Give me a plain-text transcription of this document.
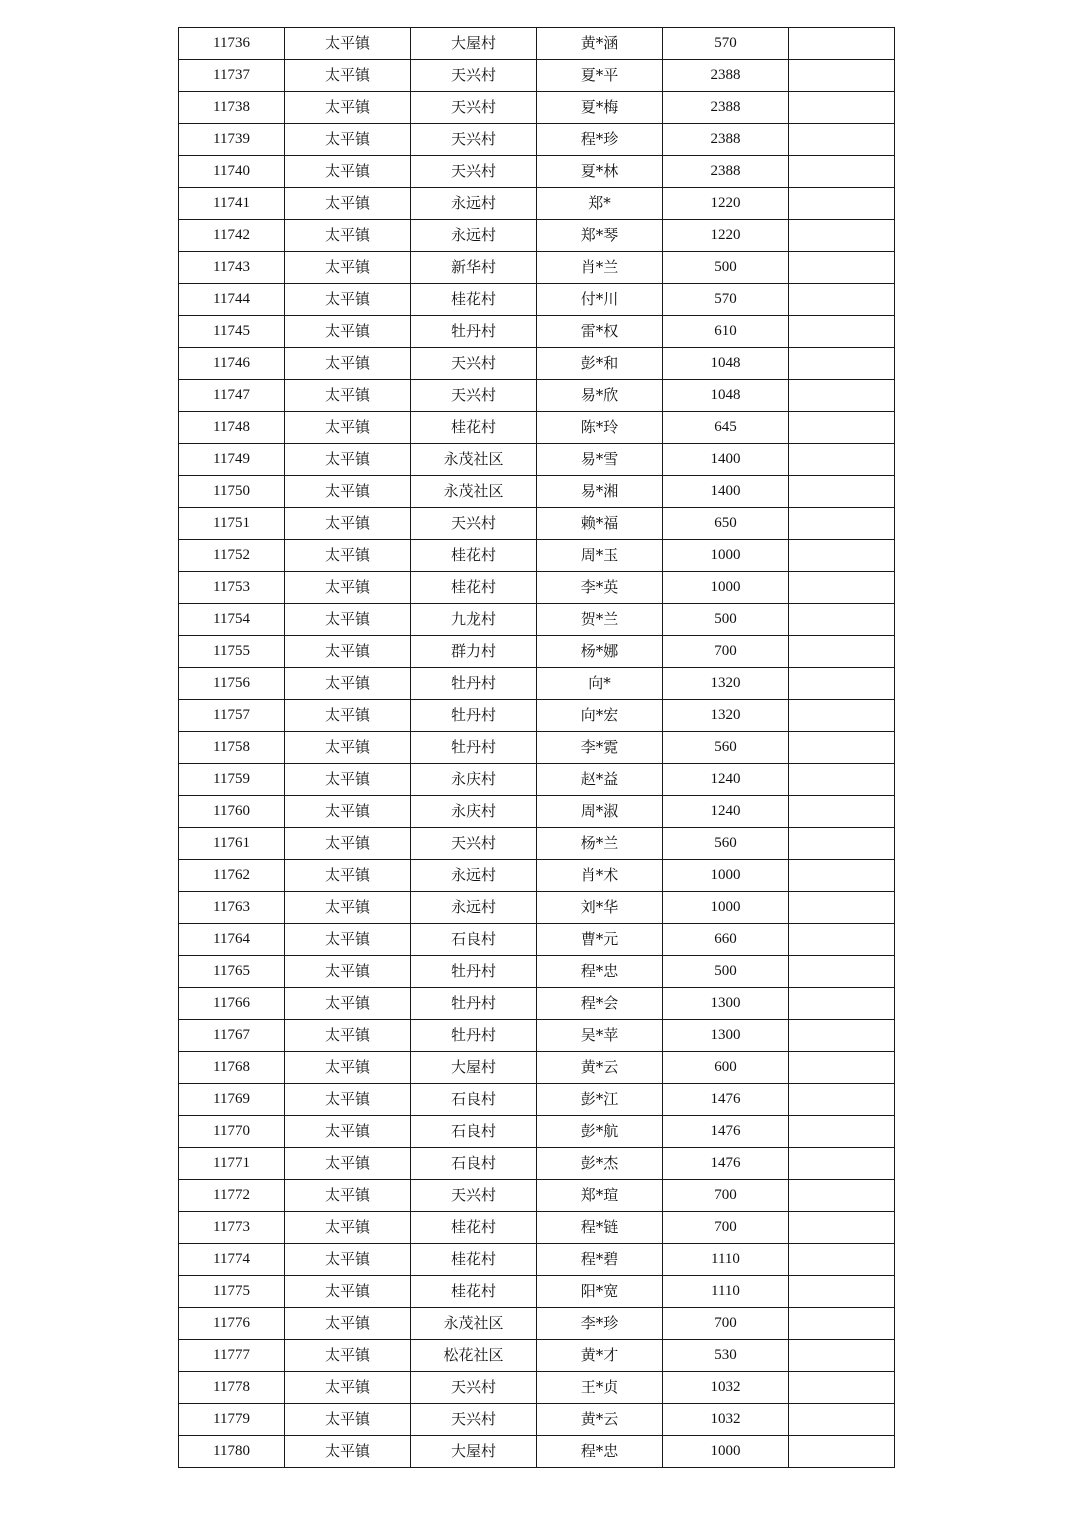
11736	太平镇	大屋村	黄*涵	570	
11737	太平镇	天兴村	夏*平	2388	
11738	太平镇	天兴村	夏*梅	2388	
11739	太平镇	天兴村	程*珍	2388	
11740	太平镇	天兴村	夏*林	2388	
11741	太平镇	永远村	郑*	1220	
11742	太平镇	永远村	郑*琴	1220	
11743	太平镇	新华村	肖*兰	500	
11744	太平镇	桂花村	付*川	570	
11745	太平镇	牡丹村	雷*权	610	
11746	太平镇	天兴村	彭*和	1048	
11747	太平镇	天兴村	易*欣	1048	
11748	太平镇	桂花村	陈*玲	645	
11749	太平镇	永茂社区	易*雪	1400	
11750	太平镇	永茂社区	易*湘	1400	
11751	太平镇	天兴村	赖*福	650	
11752	太平镇	桂花村	周*玉	1000	
11753	太平镇	桂花村	李*英	1000	
11754	太平镇	九龙村	贺*兰	500	
11755	太平镇	群力村	杨*娜	700	
11756	太平镇	牡丹村	向*	1320	
11757	太平镇	牡丹村	向*宏	1320	
11758	太平镇	牡丹村	李*霓	560	
11759	太平镇	永庆村	赵*益	1240	
11760	太平镇	永庆村	周*淑	1240	
11761	太平镇	天兴村	杨*兰	560	
11762	太平镇	永远村	肖*术	1000	
11763	太平镇	永远村	刘*华	1000	
11764	太平镇	石良村	曹*元	660	
11765	太平镇	牡丹村	程*忠	500	
11766	太平镇	牡丹村	程*会	1300	
11767	太平镇	牡丹村	吴*苹	1300	
11768	太平镇	大屋村	黄*云	600	
11769	太平镇	石良村	彭*江	1476	
11770	太平镇	石良村	彭*航	1476	
11771	太平镇	石良村	彭*杰	1476	
11772	太平镇	天兴村	郑*瑄	700	
11773	太平镇	桂花村	程*链	700	
11774	太平镇	桂花村	程*碧	1110	
11775	太平镇	桂花村	阳*宽	1110	
11776	太平镇	永茂社区	李*珍	700	
11777	太平镇	松花社区	黄*才	530	
11778	太平镇	天兴村	王*贞	1032	
11779	太平镇	天兴村	黄*云	1032	
11780	太平镇	大屋村	程*忠	1000	
